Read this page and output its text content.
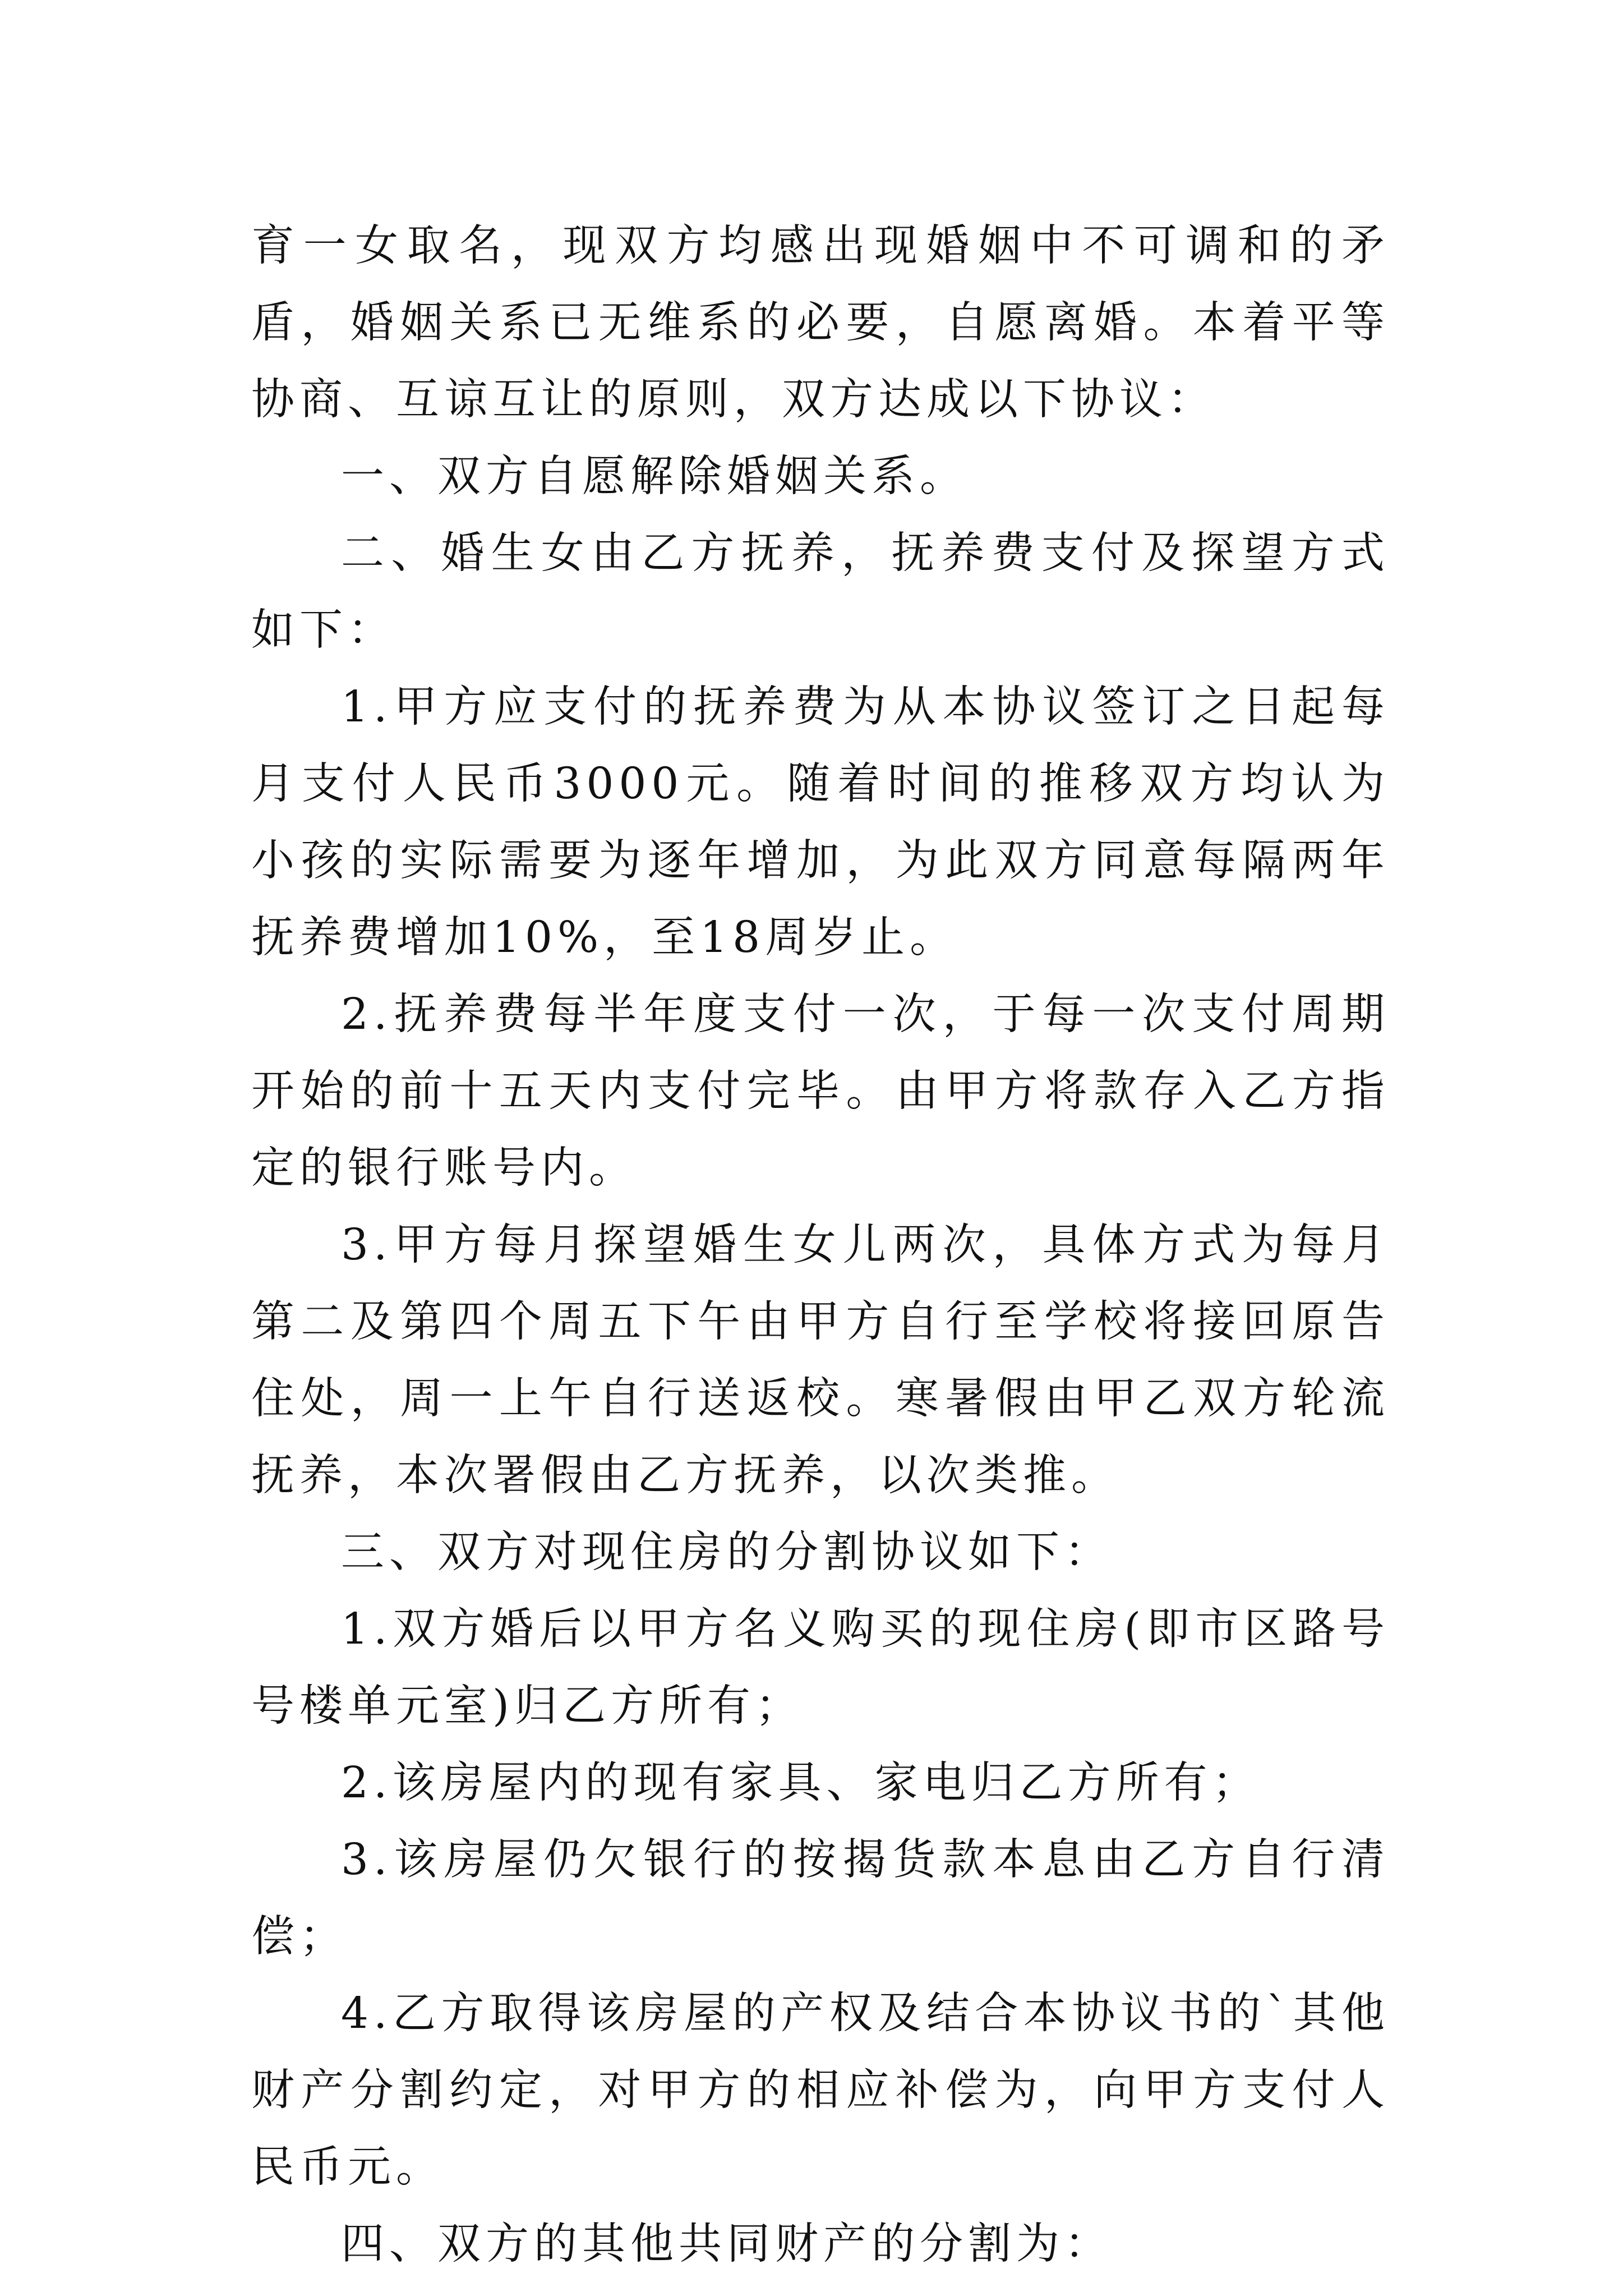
育一女取名，现双方均感出现婚姻中不可调和的矛盾，婚姻关系已无维系的必要，自愿离婚。本着平等协商、互谅互让的原则，双方达成以下协议：

一、双方自愿解除婚姻关系。

二、婚生女由乙方抚养，抚养费支付及探望方式如下：

1.甲方应支付的抚养费为从本协议签订之日起每月支付人民币3000元。随着时间的推移双方均认为小孩的实际需要为逐年增加，为此双方同意每隔两年抚养费增加10%，至18周岁止。

2.抚养费每半年度支付一次，于每一次支付周期开始的前十五天内支付完毕。由甲方将款存入乙方指定的银行账号内。

3.甲方每月探望婚生女儿两次，具体方式为每月第二及第四个周五下午由甲方自行至学校将接回原告住处，周一上午自行送返校。寒暑假由甲乙双方轮流抚养，本次署假由乙方抚养，以次类推。

三、双方对现住房的分割协议如下：

1.双方婚后以甲方名义购买的现住房(即市区路号号楼单元室)归乙方所有；

2.该房屋内的现有家具、家电归乙方所有；

3.该房屋仍欠银行的按揭货款本息由乙方自行清偿；

4.乙方取得该房屋的产权及结合本协议书的`其他财产分割约定，对甲方的相应补偿为，向甲方支付人民币元。

四、双方的其他共同财产的分割为：
